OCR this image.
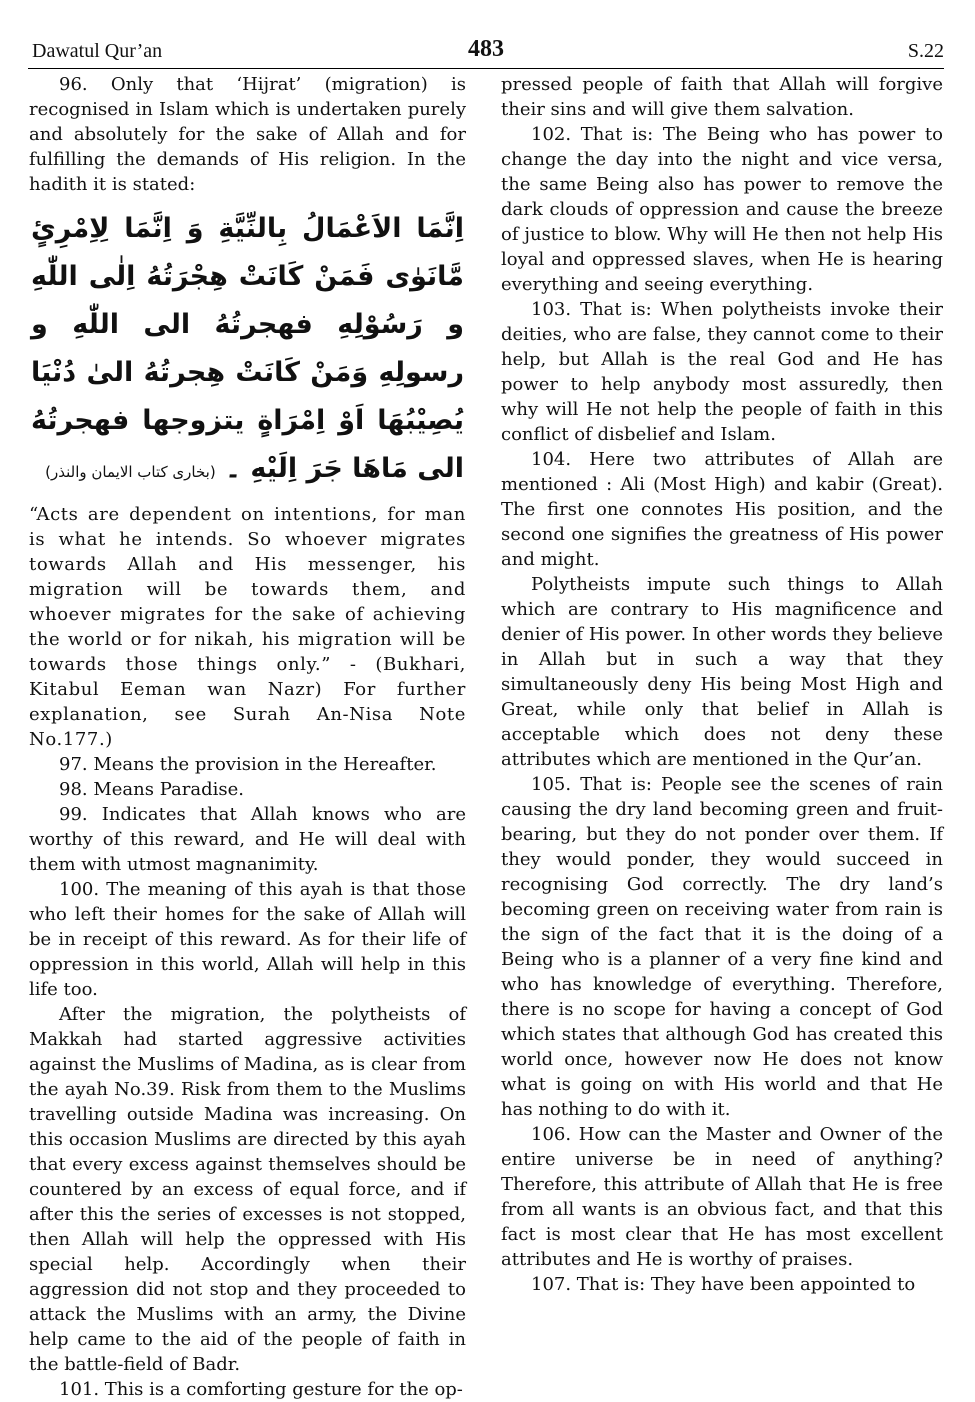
Dawatul Qur’an	483	S.22

96. Only that ‘Hijrat’ (migration) is recognised in Islam which is undertaken purely and absolutely for the sake of Allah and for fulfilling the demands of His religion. In the hadith it is stated:

اِنَّمَا الاَعْمَالُ بِالنِّيَّةِ وَ اِنَّمَا لِاِمْرِئٍ مَّانَوٰى فَمَنْ كَانَتْ هِجْرَتُهُ اِلٰى اللّٰهِ و رَسُوْلِهِ فهجرتُهُ الى اللّٰهِ و رسولِهِ وَمَنْ كَانَتْ هِجرتُهُ الىٰ دُنْيَا يُصِيْبُهَا اَوْ اِمْرَاةٍ يتزوجها فهجرتُهُ الى مَاهَا جَرَ اِلَيْهِ ۔ (بخاری کتاب الایمان والنذر)

“Acts are dependent on intentions, for man is what he intends. So whoever migrates towards Allah and His messenger, his migration will be towards them, and whoever migrates for the sake of achieving the world or for nikah, his migration will be towards those things only.” - (Bukhari, Kitabul Eeman wan Nazr) For further explanation, see Surah An-Nisa Note No.177.)

97. Means the provision in the Hereafter.

98. Means Paradise.

99. Indicates that Allah knows who are worthy of this reward, and He will deal with them with utmost magnanimity.

100. The meaning of this ayah is that those who left their homes for the sake of Allah will be in receipt of this reward. As for their life of oppression in this world, Allah will help in this life too.

After the migration, the polytheists of Makkah had started aggressive activities against the Muslims of Madina, as is clear from the ayah No.39. Risk from them to the Muslims travelling outside Madina was increasing. On this occasion Muslims are directed by this ayah that every excess against themselves should be countered by an excess of equal force, and if after this the series of excesses is not stopped, then Allah will help the oppressed with His special help. Accordingly when their aggression did not stop and they proceeded to attack the Muslims with an army, the Divine help came to the aid of the people of faith in the battle-field of Badr.

101. This is a comforting gesture for the op-

pressed people of faith that Allah will forgive their sins and will give them salvation.

102. That is: The Being who has power to change the day into the night and vice versa, the same Being also has power to remove the dark clouds of oppression and cause the breeze of justice to blow. Why will He then not help His loyal and oppressed slaves, when He is hearing everything and seeing everything.

103. That is: When polytheists invoke their deities, who are false, they cannot come to their help, but Allah is the real God and He has power to help anybody most assuredly, then why will He not help the people of faith in this conflict of disbelief and Islam.

104. Here two attributes of Allah are mentioned : Ali (Most High) and kabir (Great). The first one connotes His position, and the second one signifies the greatness of His power and might.

Polytheists impute such things to Allah which are contrary to His magnificence and denier of His power. In other words they believe in Allah but in such a way that they simultaneously deny His being Most High and Great, while only that belief in Allah is acceptable which does not deny these attributes which are mentioned in the Qur’an.

105. That is: People see the scenes of rain causing the dry land becoming green and fruit-bearing, but they do not ponder over them. If they would ponder, they would succeed in recognising God correctly. The dry land’s becoming green on receiving water from rain is the sign of the fact that it is the doing of a Being who is a planner of a very fine kind and who has knowledge of everything. Therefore, there is no scope for having a concept of God which states that although God has created this world once, however now He does not know what is going on with His world and that He has nothing to do with it.

106. How can the Master and Owner of the entire universe be in need of anything? Therefore, this attribute of Allah that He is free from all wants is an obvious fact, and that this fact is most clear that He has most excellent attributes and He is worthy of praises.

107. That is: They have been appointed to
